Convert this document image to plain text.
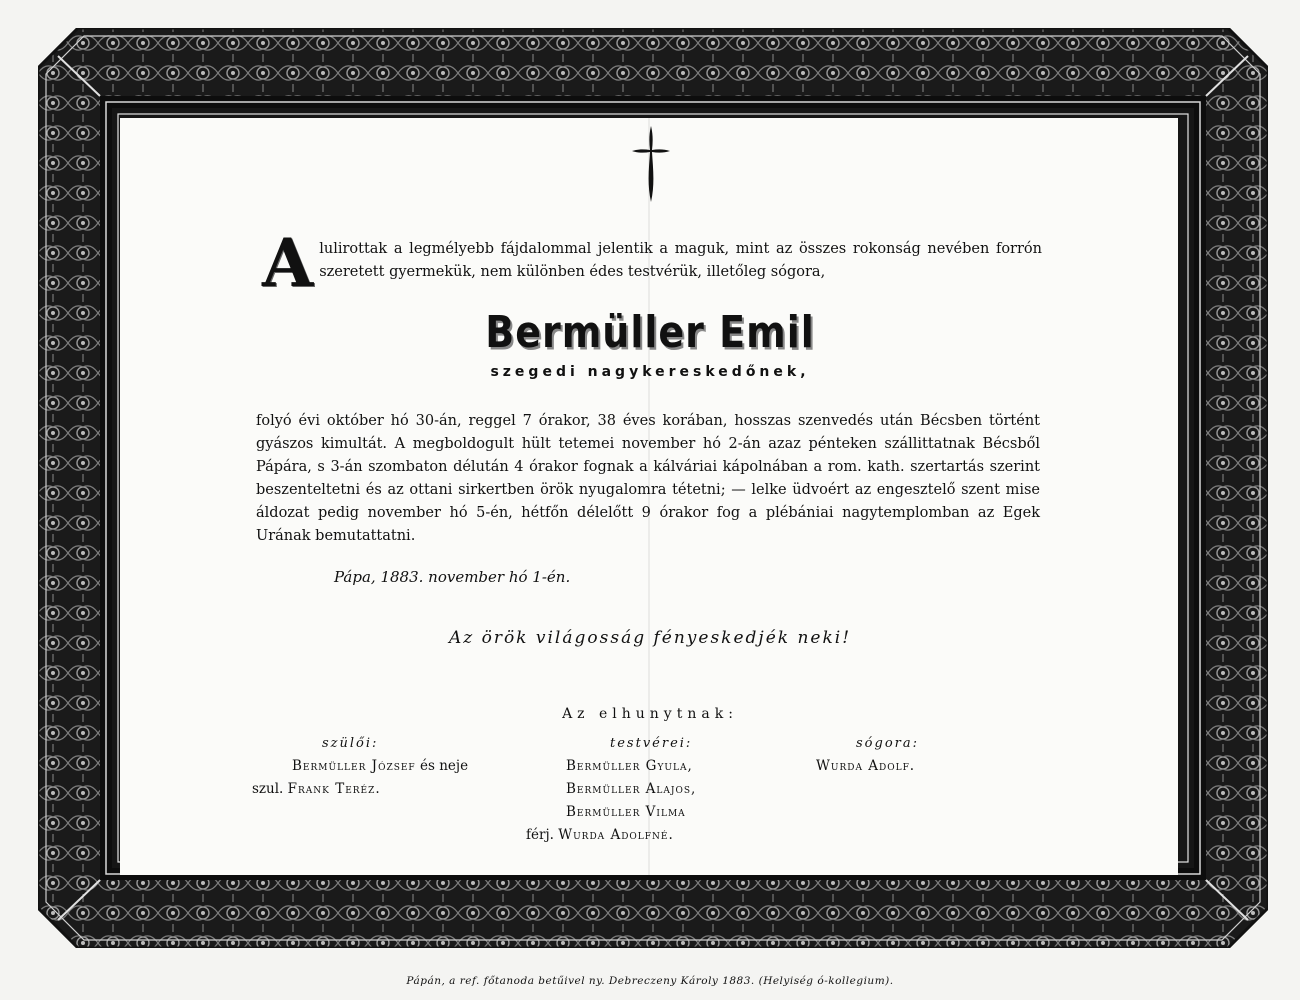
Alulirottak a legmélyebb fájdalommal jelentik a maguk, mint az összes rokonság nevében forrón szeretett gyermekük, nem különben édes testvérük, illetőleg sógora,
Bermüller Emil
szegedi nagykereskedőnek,
folyó évi október hó 30-án, reggel 7 órakor, 38 éves korában, hosszas szenvedés után Bécsben történt gyászos kimultát. A megboldogult hült tetemei november hó 2-án azaz pénteken szállittatnak Bécsből Pápára, s 3-án szombaton délután 4 órakor fognak a kálváriai kápolnában a rom. kath. szertartás szerint beszenteltetni és az ottani sirkertben örök nyugalomra tétetni; — lelke üdvoért az engesztelő szent mise áldozat pedig november hó 5-én, hétfőn délelőtt 9 órakor fog a plébániai nagytemplomban az Egek Urának bemutattatni.
Pápa, 1883. november hó 1-én.
Az örök világosság fényeskedjék neki!
Az elhunytnak:
szülői:
Bermüller József és neje
szul. Frank Teréz.
testvérei:
Bermüller Gyula,
Bermüller Alajos,
Bermüller Vilma
férj. Wurda Adolfné.
sógora:
Wurda Adolf.
Pápán, a ref. főtanoda betűivel ny. Debreczeny Károly 1883. (Helyiség ó-kollegium).
